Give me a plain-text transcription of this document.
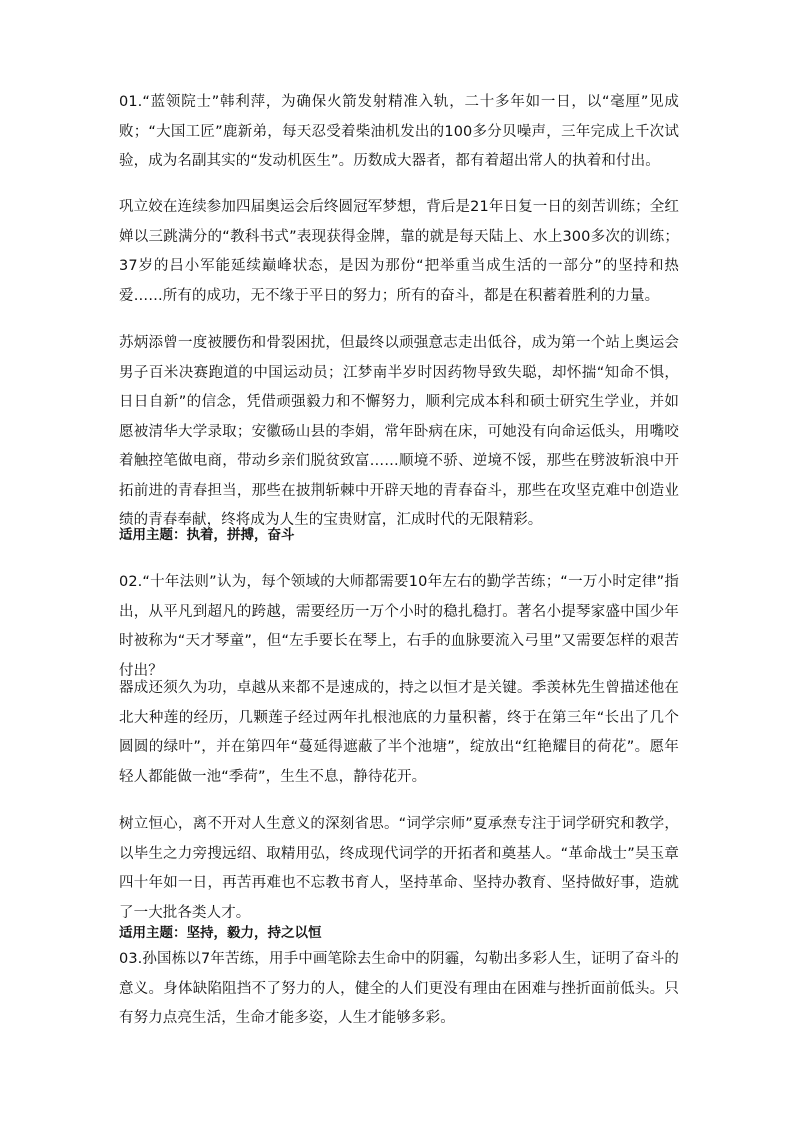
01.“蓝领院士”韩利萍，为确保火箭发射精准入轨，二十多年如一日，以“毫厘”见成败；“大国工匠”鹿新弟，每天忍受着柴油机发出的100多分贝噪声，三年完成上千次试验，成为名副其实的“发动机医生”。历数成大器者，都有着超出常人的执着和付出。

巩立姣在连续参加四届奥运会后终圆冠军梦想，背后是21年日复一日的刻苦训练；全红婵以三跳满分的“教科书式”表现获得金牌，靠的就是每天陆上、水上300多次的训练；37岁的吕小军能延续巅峰状态，是因为那份“把举重当成生活的一部分”的坚持和热爱……所有的成功，无不缘于平日的努力；所有的奋斗，都是在积蓄着胜利的力量。

苏炳添曾一度被腰伤和骨裂困扰，但最终以顽强意志走出低谷，成为第一个站上奥运会男子百米决赛跑道的中国运动员；江梦南半岁时因药物导致失聪，却怀揣“知命不惧，日日自新”的信念，凭借顽强毅力和不懈努力，顺利完成本科和硕士研究生学业，并如愿被清华大学录取；安徽砀山县的李娟，常年卧病在床，可她没有向命运低头，用嘴咬着触控笔做电商，带动乡亲们脱贫致富……顺境不骄、逆境不馁，那些在劈波斩浪中开拓前进的青春担当，那些在披荆斩棘中开辟天地的青春奋斗，那些在攻坚克难中创造业绩的青春奉献，终将成为人生的宝贵财富，汇成时代的无限精彩。

适用主题：执着，拼搏，奋斗

02.“十年法则”认为，每个领域的大师都需要10年左右的勤学苦练；“一万小时定律”指出，从平凡到超凡的跨越，需要经历一万个小时的稳扎稳打。著名小提琴家盛中国少年时被称为“天才琴童”，但“左手要长在琴上，右手的血脉要流入弓里”又需要怎样的艰苦付出？

器成还须久为功，卓越从来都不是速成的，持之以恒才是关键。季羡林先生曾描述他在北大种莲的经历，几颗莲子经过两年扎根池底的力量积蓄，终于在第三年“长出了几个圆圆的绿叶”，并在第四年“蔓延得遮蔽了半个池塘”，绽放出“红艳耀目的荷花”。愿年轻人都能做一池“季荷”，生生不息，静待花开。

树立恒心，离不开对人生意义的深刻省思。“词学宗师”夏承焘专注于词学研究和教学，以毕生之力旁搜远绍、取精用弘，终成现代词学的开拓者和奠基人。“革命战士”吴玉章四十年如一日，再苦再难也不忘教书育人，坚持革命、坚持办教育、坚持做好事，造就了一大批各类人才。

适用主题：坚持，毅力，持之以恒

03.孙国栋以7年苦练，用手中画笔除去生命中的阴霾，勾勒出多彩人生，证明了奋斗的意义。身体缺陷阻挡不了努力的人，健全的人们更没有理由在困难与挫折面前低头。只有努力点亮生活，生命才能多姿，人生才能够多彩。
